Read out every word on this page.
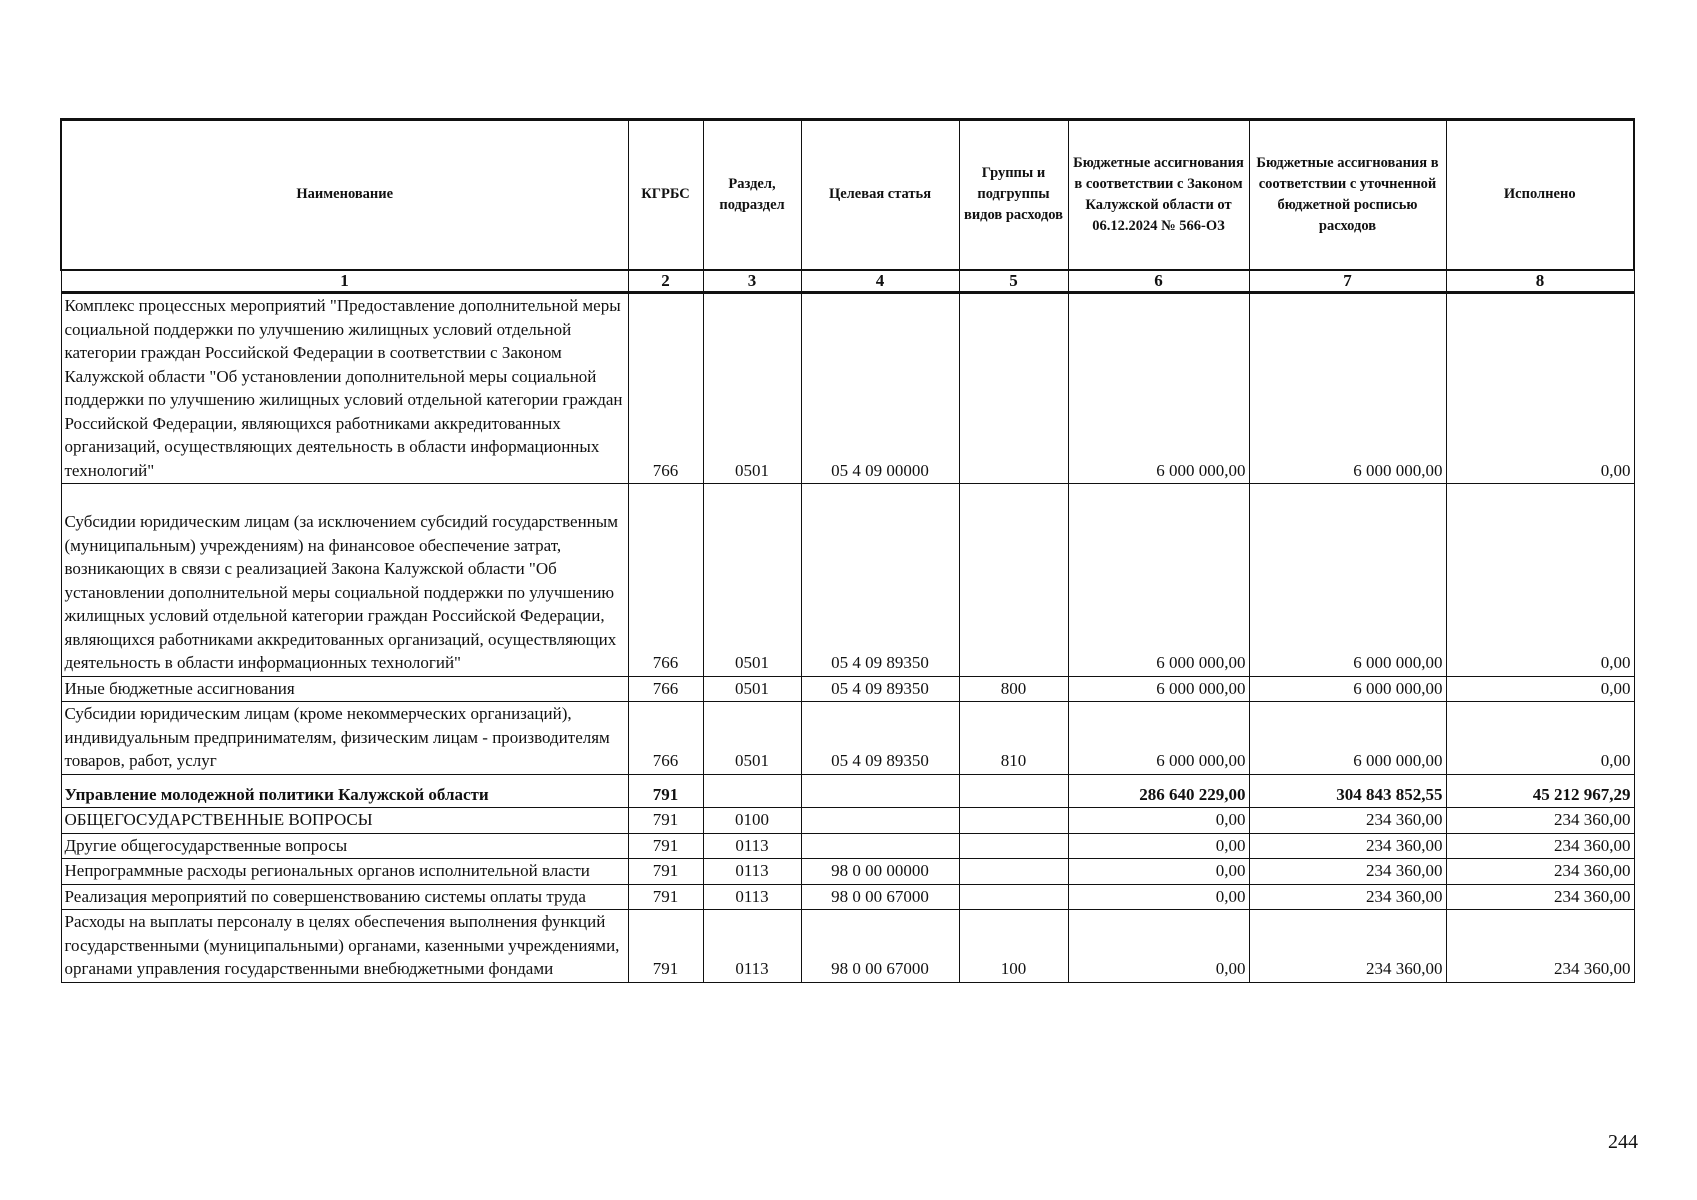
Наименование	КГРБС	Раздел, подраздел	Целевая статья	Группы и подгруппы видов расходов	Бюджетные ассигнования в соответствии с Законом Калужской области от 06.12.2024 № 566-ОЗ	Бюджетные ассигнования в соответствии с уточненной бюджетной росписью расходов	Исполнено
1	2	3	4	5	6	7	8
Комплекс процессных мероприятий "Предоставление дополнительной меры социальной поддержки по улучшению жилищных условий отдельной категории граждан Российской Федерации в соответствии с Законом Калужской области "Об установлении дополнительной меры социальной поддержки по улучшению жилищных условий отдельной категории граждан Российской Федерации, являющихся работниками аккредитованных организаций, осуществляющих деятельность в области информационных технологий"	766	0501	05 4 09 00000		6 000 000,00	6 000 000,00	0,00
Субсидии юридическим лицам (за исключением субсидий государственным (муниципальным) учреждениям) на финансовое обеспечение затрат, возникающих в связи с реализацией Закона Калужской области "Об установлении дополнительной меры социальной поддержки по улучшению жилищных условий отдельной категории граждан Российской Федерации, являющихся работниками аккредитованных организаций, осуществляющих деятельность в области информационных технологий"	766	0501	05 4 09 89350		6 000 000,00	6 000 000,00	0,00
Иные бюджетные ассигнования	766	0501	05 4 09 89350	800	6 000 000,00	6 000 000,00	0,00
Субсидии юридическим лицам (кроме некоммерческих организаций), индивидуальным предпринимателям, физическим лицам - производителям товаров, работ, услуг	766	0501	05 4 09 89350	810	6 000 000,00	6 000 000,00	0,00
Управление молодежной политики Калужской области	791				286 640 229,00	304 843 852,55	45 212 967,29
ОБЩЕГОСУДАРСТВЕННЫЕ ВОПРОСЫ	791	0100			0,00	234 360,00	234 360,00
Другие общегосударственные вопросы	791	0113			0,00	234 360,00	234 360,00
Непрограммные расходы региональных органов исполнительной власти	791	0113	98 0 00 00000		0,00	234 360,00	234 360,00
Реализация мероприятий по совершенствованию системы оплаты труда	791	0113	98 0 00 67000		0,00	234 360,00	234 360,00
Расходы на выплаты персоналу в целях обеспечения выполнения функций государственными (муниципальными) органами, казенными учреждениями, органами управления государственными внебюджетными фондами	791	0113	98 0 00 67000	100	0,00	234 360,00	234 360,00
244
